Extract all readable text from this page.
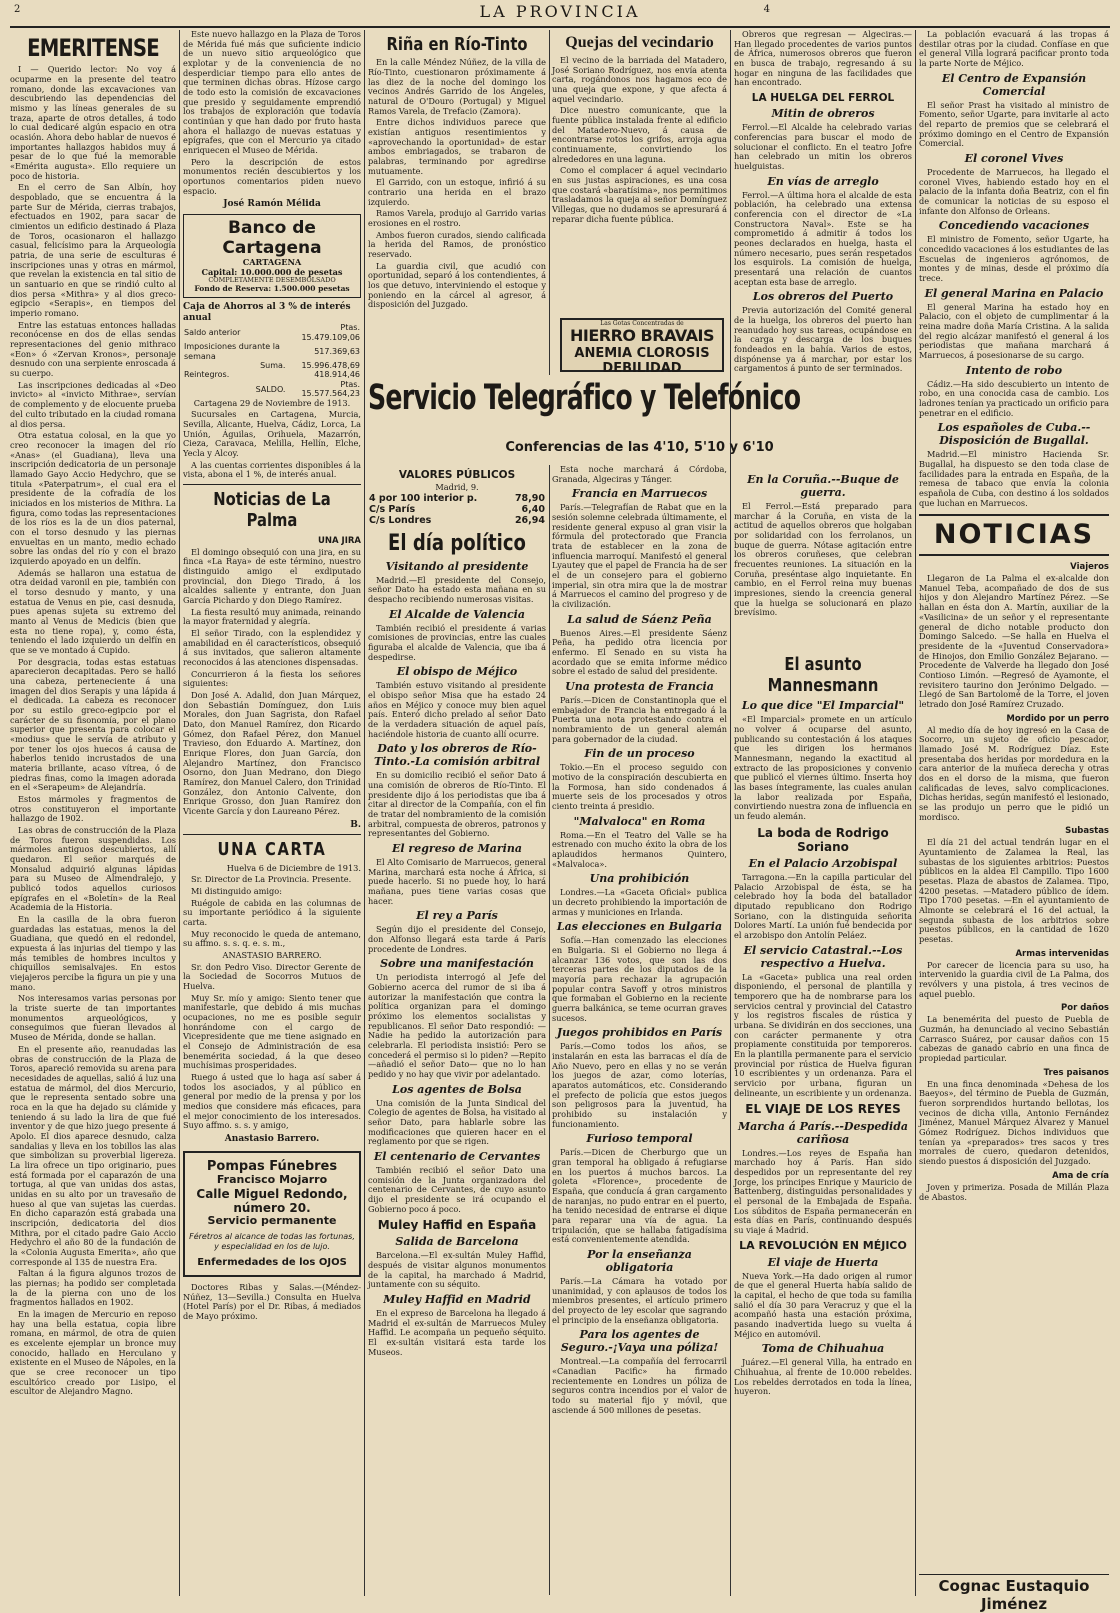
2	LA PROVINCIA	4
EMERITENSE

I — Querido lector: No voy á ocuparme en la presente del teatro romano, donde las excavaciones van descubriendo las dependencias del mismo y las líneas generales de su traza, aparte de otros detalles, á todo lo cual dedicaré algún espacio en otra ocasión. Ahora debo hablar de nuevos é importantes hallazgos habidos muy á pesar de lo que fué la memorable «Emérita augusta». Ello requiere un poco de historia.

En el cerro de San Albín, hoy despoblado, que se encuentra á la parte Sur de Mérida, cierras trabajos, efectuados en 1902, para sacar de cimientos un edificio destinado á Plaza de Toros, ocasionaron el hallazgo casual, felicísimo para la Arqueología patria, de una serie de esculturas é inscripciones unas y otras en mármol, que revelan la existencia en tal sitio de un santuario en que se rindió culto al dios persa «Mithra» y al dios greco-egipcio «Serapis», en tiempos del imperio romano.

Entre las estatuas entonces halladas reconócense en dos de ellas sendas representaciones del genio mithraco «Eon» ó «Zervan Kronos», personaje desnudo con una serpiente enroscada á su cuerpo.

Las inscripciones dedicadas al «Deo invicto» al «invicto Mithrae», servían de complemento y de elocuente prueba del culto tributado en la ciudad romana al dios persa.

Otra estatua colosal, en la que yo creo reconocer la imagen del río «Anas» (el Guadiana), lleva una inscripción dedicatoria de un personaje llamado Gayo Accio Hedychro, que se titula «Paterpatrum», el cual era el presidente de la cofradía de los iniciados en los misterios de Mithra. La figura, como todas las representaciones de los ríos es la de un dios paternal, con el torso desnudo y las piernas envueltas en un manto, medio echado sobre las ondas del río y con el brazo izquierdo apoyado en un delfín.

Además se hallaron una estatua de otra deidad varonil en pie, también con el torso desnudo y manto, y una estatua de Venus en pie, casi desnuda, pues apenas sujeta su extremo del manto al Venus de Medicis (bien que esta no tiene ropa), y, como ésta, teniendo el lado izquierdo un delfín en que se ve montado á Cupido.

Por desgracia, todas estas estatuas aparecieron decapitadas. Pero se halló una cabeza, perteneciente á una imagen del dios Serapis y una lápida á el dedicada. La cabeza es reconocer por su estilo greco-egipcio por el carácter de su fisonomía, por el plano superior que presenta para colocar el «modius» que le servía de atributo y por tener los ojos huecos á causa de haberlos tenido incrustados de una materia brillante, acaso vítrea, ó de piedras finas, como la imagen adorada en el «Serapeum» de Alejandría.

Estos mármoles y fragmentos de otros constituyeron el importante hallazgo de 1902.

Las obras de construcción de la Plaza de Toros fueron suspendidas. Los mármoles antiguos descubiertos, allí quedaron. El señor marqués de Monsalud adquirió algunas lápidas para su Museo de Almendralejo, y publicó todos aquellos curiosos epígrafes en el «Boletín» de la Real Academia de la Historia.

En la casilla de la obra fueron guardadas las estatuas, menos la del Guadiana, que quedó en el redondel, expuesta á las injurias del tiempo y las más temibles de hombres incultos y chiquillos semisalvajes. En estos viejajeros percibe la figura un pie y una mano.

Nos interesamos varias personas por la triste suerte de tan importantes monumentos arqueológicos, y conseguimos que fueran llevados al Museo de Mérida, donde se hallan.

En el presente año, reanudadas las obras de construcción de la Plaza de Toros, apareció removida su arena para necesidades de aquellas, salió á luz una estatua de mármol, del dios Mercurio, que le representa sentado sobre una roca en la que ha dejado su clámide y teniendo á su lado la lira de que fué inventor y de que hizo juego presente á Apolo. El dios aparece desnudo, calza sandalias y lleva en los tobillos las alas que simbolizan su proverbial ligereza. La lira ofrece un tipo originario, pues está formada por el caparazón de una tortuga, al que van unidas dos astas, unidas en su alto por un travesaño de hueso al que van sujetas las cuerdas. En dicho caparazón está grabada una inscripción, dedicatoria del dios Mithra, por el citado padre Gaio Accio Hedychro el año 80 de la fundación de la «Colonia Augusta Emerita», año que corresponde al 135 de nuestra Era.

Faltan á la figura algunos trozos de las piernas; ha podido ser completada la de la pierna con uno de los fragmentos hallados en 1902.

En la imagen de Mercurio en reposo hay una bella estatua, copia libre romana, en mármol, de otra de quien es excelente ejemplar un bronce muy conocido, hallado en Herculano y existente en el Museo de Nápoles, en la que se cree reconocer un tipo escultórico creado por Lisipo, el escultor de Alejandro Magno.

Este nuevo hallazgo en la Plaza de Toros de Mérida fué más que suficiente indicio de un nuevo sitio arqueológico que explotar y de la conveniencia de no desperdiciar tiempo para ello antes de que terminen dichas obras. Hízose cargo de todo esto la comisión de excavaciones que presido y seguidamente emprendió los trabajos de exploración que todavía continúan y que han dado por fruto hasta ahora el hallazgo de nuevas estatuas y epígrafes, que con el Mercurio ya citado enriquecen el Museo de Mérida.

Pero la descripción de estos monumentos recién descubiertos y los oportunos comentarios piden nuevo espacio.

José Ramón Mélida
Banco de Cartagena
CARTAGENA
Capital: 10.000.000 de pesetas
COMPLETAMENTE DESEMBOLSADO
Fondo de Reserva: 1.500.000 pesetas
Caja de Ahorros al 3 % de interés anual
Saldo anterior	Ptas. 15.479.109,06
Imposiciones durante la semana	517.369,63
Suma.	15.996.478,69
Reintegros.	418.914,46
SALDO.	Ptas. 15.577.564,23

Cartagena 29 de Noviembre de 1913.

Sucursales en Cartagena, Murcia, Sevilla, Alicante, Huelva, Cádiz, Lorca, La Unión, Águilas, Orihuela, Mazarrón, Cieza, Caravaca, Melilla, Hellín, Elche, Yecla y Alcoy.

A las cuentas corrientes disponibles á la vista, abona el 1 %, de interés anual.

Noticias de La Palma
UNA JIRA

El domingo obsequió con una jira, en su finca «La Raya» de este término, nuestro distinguido amigo el exdiputado provincial, don Diego Tirado, á los alcaldes saliente y entrante, don Juan García Pichardo y don Diego Ramírez.

La fiesta resultó muy animada, reinando la mayor fraternidad y alegría.

El señor Tirado, con la esplendidez y amabilidad en él característicos, obsequió á sus invitados, que salieron altamente reconocidos á las atenciones dispensadas.

Concurrieron á la fiesta los señores siguientes:

Don José A. Adalid, don Juan Márquez, don Sebastián Domínguez, don Luis Morales, don Juan Sagrista, don Rafael Dato, don Manuel Ramírez, don Ricardo Gómez, don Rafael Pérez, don Manuel Travieso, don Eduardo A. Martínez, don Enrique Flores, don Juan García, don Alejandro Martínez, don Francisco Osorno, don Juan Medrano, don Diego Ramírez, don Manuel Calero, don Trinidad González, don Antonio Calvente, don Enrique Grosso, don Juan Ramírez don Vicente García y don Laureano Pérez.

B.
UNA CARTA

Huelva 6 de Diciembre de 1913.

Sr. Director de La Provincia. Presente.

Mi distinguido amigo:

Ruégole de cabida en las columnas de su importante periódico á la siguiente carta.

Muy reconocido le queda de antemano, su affmo. s. s. q. e. s. m.,

ANASTASIO BARRERO.

Sr. don Pedro Viso. Director Gerente de la Sociedad de Socorros Mutuos de Huelva.

Muy Sr. mío y amigo: Siento tener que manifestarle, que debido á mis muchas ocupaciones, no me es posible seguir honrándome con el cargo de Vicepresidente que me tiene asignado en el Consejo de Administración de esa benemérita sociedad, á la que deseo muchísimas prosperidades.

Ruego á usted que lo haga así saber á todos los asociados, y al público en general por medio de la prensa y por los medios que considere más eficaces, para el mejor conocimiento de los interesados. Suyo affmo. s. s. y amigo,

Anastasio Barrero.
Pompas Fúnebres
Francisco Mojarro
Calle Miguel Redondo, número 20.
Servicio permanente
Féretros al alcance de todas las fortunas, y especialidad en los de lujo.
Enfermedades de los OJOS

Doctores Ribas y Salas.—(Méndez-Núñez, 13—Sevilla.) Consulta en Huelva (Hotel París) por el Dr. Ribas, á mediados de Mayo próximo.

Riña en Río-Tinto

En la calle Méndez Núñez, de la villa de Río-Tinto, cuestionaron próximamente á las diez de la noche del domingo los vecinos Andrés Garrido de los Ángeles, natural de O'Douro (Portugal) y Miguel Ramos Varela, de Trefacio (Zamora).

Entre dichos individuos parece que existían antiguos resentimientos y «aprovechando la oportunidad» de estar ambos embriagados, se trabaron de palabras, terminando por agredirse mutuamente.

El Garrido, con un estoque, infirió á su contrario una herida en el brazo izquierdo.

Ramos Varela, produjo al Garrido varias erosiones en el rostro.

Ambos fueron curados, siendo calificada la herida del Ramos, de pronóstico reservado.

La guardia civil, que acudió con oportunidad, separó á los contendientes, á los que detuvo, interviniendo el estoque y poniendo en la cárcel al agresor, á disposición del Juzgado.

Quejas del vecindario

El vecino de la barriada del Matadero, José Soriano Rodríguez, nos envía atenta carta, rogándonos nos hagamos eco de una queja que expone, y que afecta á aquel vecindario.

Dice nuestro comunicante, que la fuente pública instalada frente al edificio del Matadero-Nuevo, á causa de encontrarse rotos los grifos, arroja agua continuamente, convirtiendo los alrededores en una laguna.

Como el complacer á aquel vecindario en sus justas aspiraciones, es una cosa que costará «baratísima», nos permitimos trasladamos la queja al señor Domínguez Villegas, que no dudamos se apresurará á reparar dicha fuente pública.

Las Gotas Concentradas de
HIERRO BRAVAIS
ANEMIA CLOROSIS DEBILIDAD
Servicio Telegráfico y Telefónico
Conferencias de las 4'10, 5'10 y 6'10
VALORES PÚBLICOS
Madrid, 9.
4 por 100 interior p.	78,90
C/s París	6,40
C/s Londres	26,94
El día político
Visitando al presidente

Madrid.—El presidente del Consejo, señor Dato ha estado esta mañana en su despacho recibiendo numerosas visitas.

El Alcalde de Valencia

También recibió el presidente á varias comisiones de provincias, entre las cuales figuraba el alcalde de Valencia, que iba á despedirse.

El obispo de Méjico

También estuvo visitando al presidente el obispo señor Misa que ha estado 24 años en Méjico y conoce muy bien aquel país. Enteró dicho prelado al señor Dato de la verdadera situación de aquel país, haciéndole historia de cuanto allí ocurre.

Dato y los obreros de Río-Tinto.-La comisión arbitral

En su domicilio recibió el señor Dato á una comisión de obreros de Río-Tinto. El presidente dijo á los periodistas que iba á citar al director de la Compañía, con el fin de tratar del nombramiento de la comisión arbitral, compuesta de obreros, patronos y representantes del Gobierno.

El regreso de Marina

El Alto Comisario de Marruecos, general Marina, marchará esta noche á África, si puede hacerlo. Si no puede hoy, lo hará mañana, pues tiene varias cosas que hacer.

El rey a París

Según dijo el presidente del Consejo, don Alfonso llegará esta tarde á París procedente de Londres.

Sobre una manifestación

Un periodista interrogó al Jefe del Gobierno acerca del rumor de si iba á autorizar la manifestación que contra la política organizan para el domingo próximo los elementos socialistas y republicanos. El señor Dato respondió: —Nadie ha pedido la autorización para celebrarla. El periodista insistió: Pero se concederá el permiso si lo piden? —Repito —añadió el señor Dato— que no lo han pedido y no hay que vivir por adelantado.

Los agentes de Bolsa

Una comisión de la Junta Sindical del Colegio de agentes de Bolsa, ha visitado al señor Dato, para hablarle sobre las modificaciones que quieren hacer en el reglamento por que se rigen.

El centenario de Cervantes

También recibió el señor Dato una comisión de la Junta organizadora del centenario de Cervantes, de cuyo asunto dijo el presidente se irá ocupando el Gobierno poco á poco.

Muley Haffid en España
Salida de Barcelona

Barcelona.—El ex-sultán Muley Haffid, después de visitar algunos monumentos de la capital, ha marchado á Madrid, juntamente con su séquito.

Muley Haffid en Madrid

En el expreso de Barcelona ha llegado á Madrid el ex-sultán de Marruecos Muley Haffid. Le acompaña un pequeño séquito. El ex-sultán visitará esta tarde los Museos.

Esta noche marchará á Córdoba, Granada, Algeciras y Tánger.

Francia en Marruecos

París.—Telegrafían de Rabat que en la sesión solemne celebrada últimamente, el residente general expuso al gran visir la fórmula del protectorado que Francia trata de establecer en la zona de influencia marroquí. Manifestó el general Lyautey que el papel de Francia ha de ser el de un consejero para el gobierno imperial, sin otra mira que la de mostrar á Marruecos el camino del progreso y de la civilización.

La salud de Sáenz Peña

Buenos Aires.—El presidente Sáenz Peña, ha pedido otra licencia por enfermo. El Senado en su vista ha acordado que se emita informe médico sobre el estado de salud del presidente.

Una protesta de Francia

París.—Dicen de Constantinopla que el embajador de Francia ha entregado á la Puerta una nota protestando contra el nombramiento de un general alemán para gobernador de la ciudad.

Fin de un proceso

Tokio.—En el proceso seguido con motivo de la conspiración descubierta en la Formosa, han sido condenados á muerte seis de los procesados y otros ciento treinta á presidio.

"Malvaloca" en Roma

Roma.—En el Teatro del Valle se ha estrenado con mucho éxito la obra de los aplaudidos hermanos Quintero, «Malvaloca».

Una prohibición

Londres.—La «Gaceta Oficial» publica un decreto prohibiendo la importación de armas y municiones en Irlanda.

Las elecciones en Bulgaria

Sofía.—Han comenzado las elecciones en Bulgaria. Si el Gobierno no llega á alcanzar 136 votos, que son las dos terceras partes de los diputados de la mayoría para rechazar la agrupación popular contra Savoff y otros ministros que formaban el Gobierno en la reciente guerra balkánica, se teme ocurran graves sucesos.

Juegos prohibidos en París

París.—Como todos los años, se instalarán en esta las barracas el día de Año Nuevo, pero en ellas y no se verán los juegos de azar, como loterías, aparatos automáticos, etc. Considerando el prefecto de policía que estos juegos son peligrosos para la juventud, ha prohibido su instalación y funcionamiento.

Furioso temporal

París.—Dicen de Cherburgo que un gran temporal ha obligado á refugiarse en los puertos á muchos barcos. La goleta «Florence», procedente de España, que conducía á gran cargamento de naranjas, no pudo entrar en el puerto, ha tenido necesidad de entrarse el dique para reparar una vía de agua. La tripulación, que se hallaba fatigadísima está convenientemente atendida.

Por la enseñanza obligatoria

París.—La Cámara ha votado por unanimidad, y con aplausos de todos los miembros presentes, el artículo primero del proyecto de ley escolar que sagrando el principio de la enseñanza obligatoria.

Para los agentes de Seguro.-¡Vaya una póliza!

Montreal.—La compañía del ferrocarril «Canadian Pacific» ha firmado recientemente en Londres un póliza de seguros contra incendios por el valor de todo su material fijo y móvil, que asciende á 500 millones de pesetas.

Obreros que regresan — Algeciras.—Han llegado procedentes de varios puntos de África, numerosos obreros que fueron en busca de trabajo, regresando á su hogar en ninguna de las facilidades que han encontrado.

LA HUELGA DEL FERROL
Mitin de obreros

Ferrol.—El Alcalde ha celebrado varias conferencias para buscar el modo de solucionar el conflicto. En el teatro Jofre han celebrado un mitin los obreros huelguistas.

En vías de arreglo

Ferrol.—A última hora el alcalde de esta población, ha celebrado una extensa conferencia con el director de «La Constructora Naval». Este se ha comprometido á admitir á todos los peones declarados en huelga, hasta el número necesario, pues serán respetados los esquirols. La comisión de huelga, presentará una relación de cuantos aceptan esta base de arreglo.

Los obreros del Puerto

Previa autorización del Comité general de la huelga, los obreros del puerto han reanudado hoy sus tareas, ocupándose en la carga y descarga de los buques fondeados en la bahía. Varios de estos, dispónense ya á marchar, por estar los cargamentos á punto de ser terminados.

En la Coruña.--Buque de guerra.

El Ferrol.—Está preparado para marchar á la Coruña, en vista de la actitud de aquellos obreros que holgaban por solidaridad con los ferrolanos, un buque de guerra. Nótase agitación entre los obreros coruñeses, que celebran frecuentes reuniones. La situación en la Coruña, preséntase algo inquietante. En cambio, en el Ferrol reina muy buenas impresiones, siendo la creencia general que la huelga se solucionará en plazo brevísimo.

El asunto Mannesmann
Lo que dice "El Imparcial"

«El Imparcial» promete en un artículo no volver á ocuparse del asunto, publicando su contestación á los ataques que les dirigen los hermanos Mannesmann, negando la exactitud al extracto de las proposiciones y convenio que publicó el viernes último. Inserta hoy las bases íntegramente, las cuales anulan la labor realizada por España, convirtiendo nuestra zona de influencia en un feudo alemán.

La boda de Rodrigo Soriano
En el Palacio Arzobispal

Tarragona.—En la capilla particular del Palacio Arzobispal de ésta, se ha celebrado hoy la boda del batallador diputado republicano don Rodrigo Soriano, con la distinguida señorita Dolores Martí. La unión fué bendecida por el arzobispo don Antolín Peláez.

El servicio Catastral.--Los respectivo a Huelva.

La «Gaceta» publica una real orden disponiendo, el personal de plantilla y temporero que ha de nombrarse para los servicios central y provincial del Catastro y los registros fiscales de rústica y urbana. Se dividirán en dos secciones, una con carácter permanente y otra propiamente constituida por temporeros. En la plantilla permanente para el servicio provincial por rústica de Huelva figuran 10 escribientes y un ordenanza. Para el servicio por urbana, figuran un delineante, un escribiente y un ordenanza.

EL VIAJE DE LOS REYES
Marcha á París.--Despedida cariñosa

Londres.—Los reyes de España han marchado hoy á París. Han sido despedidos por un representante del rey Jorge, los príncipes Enrique y Mauricio de Battenberg, distinguidas personalidades y el personal de la Embajada de España. Los súbditos de España permanecerán en esta días en París, continuando después su viaje á Madrid.

LA REVOLUCIÓN EN MÉJICO
El viaje de Huerta

Nueva York.—Ha dado origen al rumor de que el general Huerta había salido de la capital, el hecho de que toda su familia salió el día 30 para Veracruz y que el la acompañó hasta una estación próxima, pasando inadvertida luego su vuelta á Méjico en automóvil.

Toma de Chihuahua

Juárez.—El general Villa, ha entrado en Chihuahua, al frente de 10.000 rebeldes. Los rebeldes derrotados en toda la línea, huyeron.

La población evacuará á las tropas á destilar otras por la ciudad. Confíase en que el general Villa logrará pacificar pronto toda la parte Norte de Méjico.

El Centro de Expansión Comercial

El señor Prast ha visitado al ministro de Fomento, señor Ugarte, para invitarle al acto del reparto de premios que se celebrará el próximo domingo en el Centro de Expansión Comercial.

El coronel Vives

Procedente de Marruecos, ha llegado el coronel Vives, habiendo estado hoy en el palacio de la infanta doña Beatriz, con el fin de comunicar la noticias de su esposo el infante don Alfonso de Orleans.

Concediendo vacaciones

El ministro de Fomento, señor Ugarte, ha concedido vacaciones á los estudiantes de las Escuelas de ingenieros agrónomos, de montes y de minas, desde el próximo día trece.

El general Marina en Palacio

El general Marina ha estado hoy en Palacio, con el objeto de cumplimentar á la reina madre doña María Cristina. A la salida del regio alcázar manifestó el general á los periodistas que mañana marchará á Marruecos, á posesionarse de su cargo.

Intento de robo

Cádiz.—Ha sido descubierto un intento de robo, en una conocida casa de cambio. Los ladrones tenían ya practicado un orificio para penetrar en el edificio.

Los españoles de Cuba.--Disposición de Bugallal.

Madrid.—El ministro Hacienda Sr. Bugallal, ha dispuesto se den toda clase de facilidades para la entrada en España, de la remesa de tabaco que envía la colonia española de Cuba, con destino á los soldados que luchan en Marruecos.

NOTICIAS
Viajeros

Llegaron de La Palma el ex-alcalde don Manuel Teba, acompañado de dos de sus hijos y don Alejandro Martínez Pérez. —Se hallan en ésta don A. Martín, auxiliar de la «Vasilicina» de un señor y el representante general de dicho notable producto don Domingo Salcedo. —Se halla en Huelva el presidente de la «Juventud Conservadora» de Hinojos, don Emilio González Bejarano. —Procedente de Valverde ha llegado don José Contioso Limón. —Regresó de Ayamonte, el revisitero taurino don Jerónimo Delgado. —Llegó de San Bartolomé de la Torre, el joven letrado don José Ramírez Cruzado.

Mordido por un perro

Al medio día de hoy ingresó en la Casa de Socorro, un sujeto de oficio pescador, llamado José M. Rodríguez Díaz. Este presentaba dos heridas por mordedura en la cara anterior de la muñeca derecha y otras dos en el dorso de la misma, que fueron calificadas de leves, salvo complicaciones. Dichas heridas, según manifestó el lesionado, se las produjo un perro que le pidió un mordisco.

Subastas

El día 21 del actual tendrán lugar en el Ayuntamiento de Zalamea la Real, las subastas de los siguientes arbitrios: Puestos públicos en la aldea El Campillo. Tipo 1600 pesetas. Plaza de abastos de Zalamea. Tipo, 4200 pesetas. —Matadero público de ídem. Tipo 1700 pesetas. —En el ayuntamiento de Almonte se celebrará el 16 del actual, la segunda subasta de los arbitrios sobre puestos públicos, en la cantidad de 1620 pesetas.

Armas intervenidas

Por carecer de licencia para su uso, ha intervenido la guardia civil de La Palma, dos revólvers y una pistola, á tres vecinos de aquel pueblo.

Por daños

La benemérita del puesto de Puebla de Guzmán, ha denunciado al vecino Sebastián Carrasco Suárez, por causar daños con 15 cabezas de ganado cabrío en una finca de propiedad particular.

Tres paisanos

En una finca denominada «Dehesa de los Baeyos», del término de Puebla de Guzmán, fueron sorprendidos hurtando bellotas, los vecinos de dicha villa, Antonio Fernández Jiménez, Manuel Márquez Álvarez y Manuel Gómez Rodríguez. Dichos individuos que tenían ya «preparados» tres sacos y tres morrales de cuero, quedaron detenidos, siendo puestos á disposición del Juzgado.

Ama de cría

Joven y primeriza. Posada de Millán Plaza de Abastos.

Cognac Eustaquio Jiménez
